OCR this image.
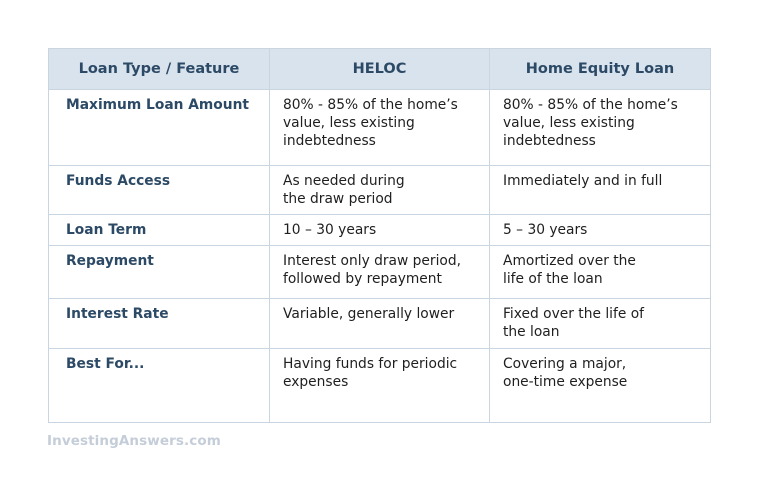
Loan Type / Feature	HELOC	Home Equity Loan

Maximum Loan Amount	80% - 85% of the home’s
value, less existing
indebtedness	80% - 85% of the home’s
value, less existing
indebtedness

Funds Access	As needed during
the draw period	Immediately and in full

Loan Term	10 – 30 years	5 – 30 years

Repayment	Interest only draw period,
followed by repayment	Amortized over the
life of the loan

Interest Rate	Variable, generally lower	Fixed over the life of
the loan

Best For...	Having funds for periodic
expenses	Covering a major,
one-time expense
InvestingAnswers.com
